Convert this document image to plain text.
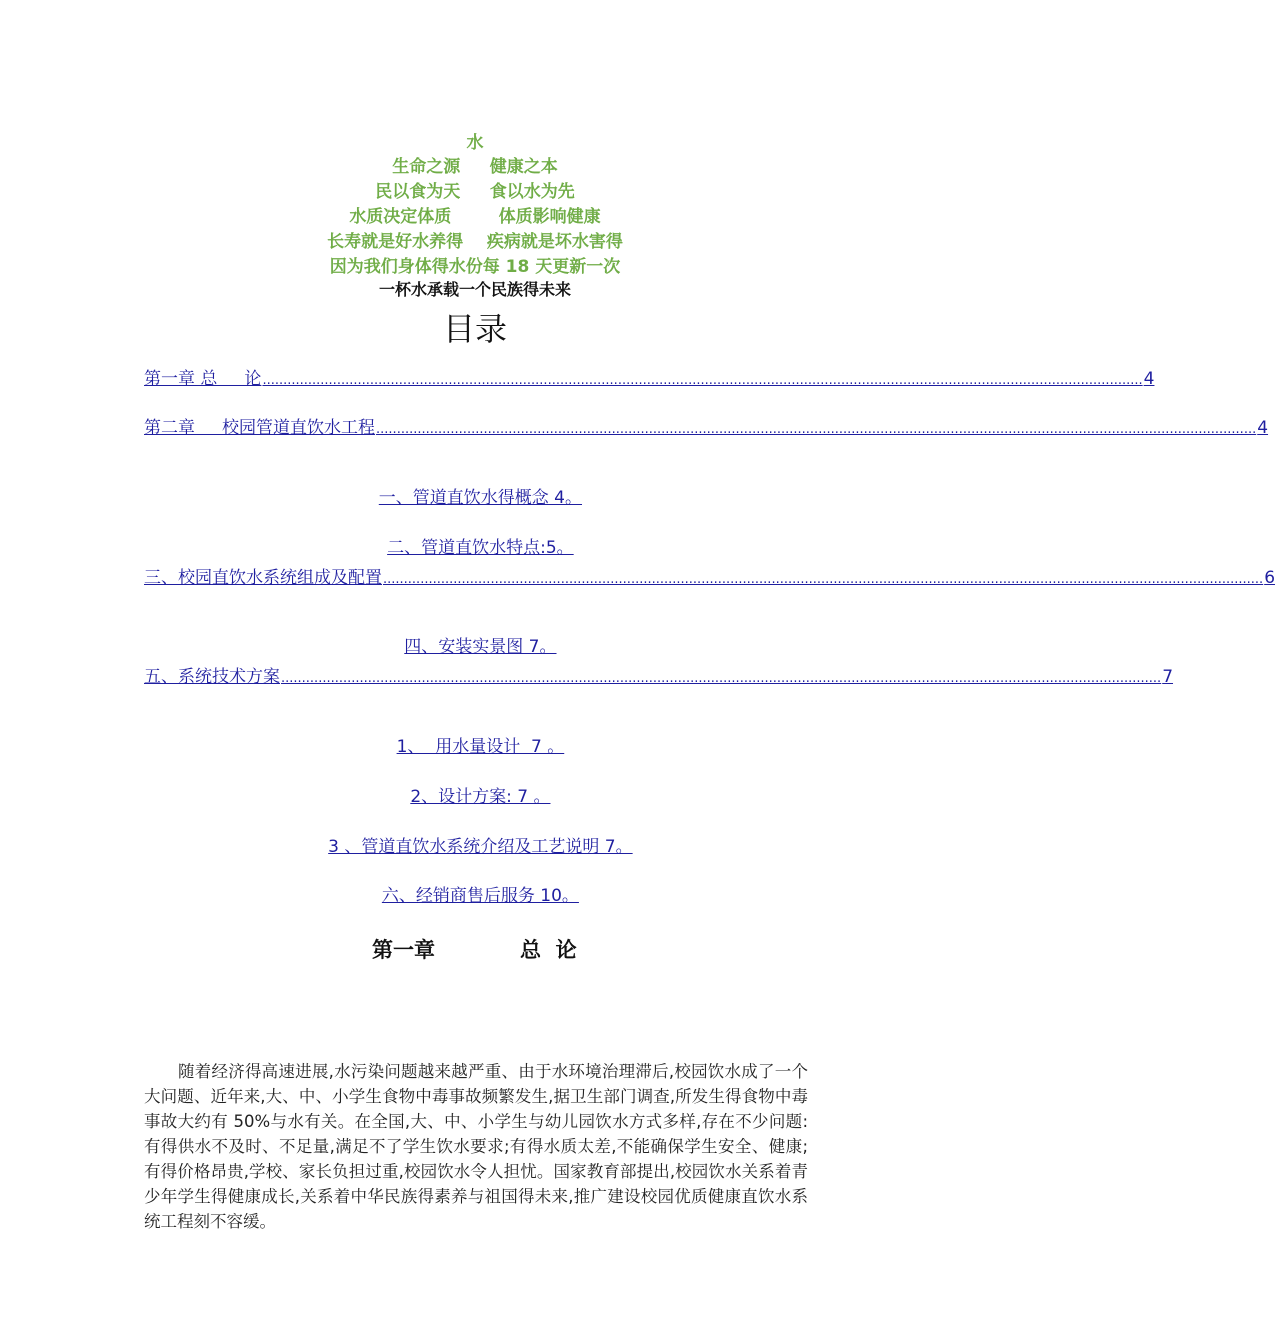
水
生命之源     健康之本
民以食为天     食以水为先
水质决定体质        体质影响健康
长寿就是好水养得    疾病就是坏水害得
因为我们身体得水份每 18 天更新一次
一杯水承载一个民族得未来
目录
第一章 总     论 ..................................................................................................................................................................................................................... 4
第二章     校园管道直饮水工程 ..................................................................................................................................................................................................................... 4

一、管道直饮水得概念 4。

二、管道直饮水特点:5。

三、校园直饮水系统组成及配置 ..................................................................................................................................................................................................................... 6

四、安装实景图 7。

五、系统技术方案 ..................................................................................................................................................................................................................... 7

1、  用水量设计  7 。

2、设计方案: 7 。

3 、管道直饮水系统介绍及工艺说明 7。

六、经销商售后服务 10。

第一章	总  论

随着经济得高速进展,水污染问题越来越严重、由于水环境治理滞后,校园饮水成了一个大问题、近年来,大、中、小学生食物中毒事故频繁发生,据卫生部门调查,所发生得食物中毒事故大约有 50%与水有关。在全国,大、中、小学生与幼儿园饮水方式多样,存在不少问题:有得供水不及时、不足量,满足不了学生饮水要求;有得水质太差,不能确保学生安全、健康;有得价格昂贵,学校、家长负担过重,校园饮水令人担忧。国家教育部提出,校园饮水关系着青少年学生得健康成长,关系着中华民族得素养与祖国得未来,推广建设校园优质健康直饮水系统工程刻不容缓。
